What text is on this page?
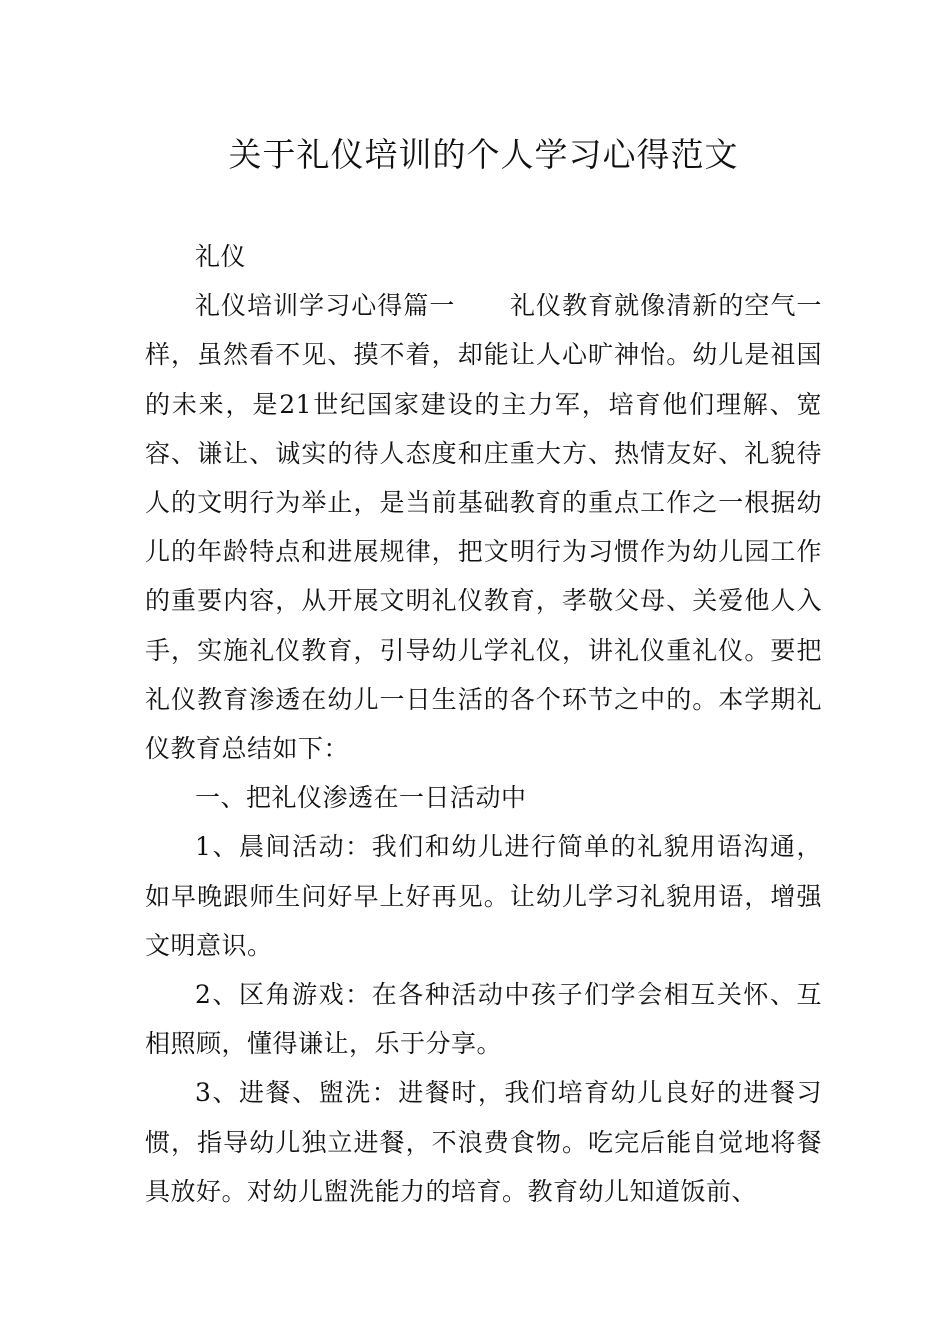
关于礼仪培训的个人学习心得范文

礼仪

礼仪培训学习心得篇一 礼仪教育就像清新的空气一样，虽然看不见、摸不着，却能让人心旷神怡。幼儿是祖国的未来，是21世纪国家建设的主力军，培育他们理解、宽容、谦让、诚实的待人态度和庄重大方、热情友好、礼貌待人的文明行为举止，是当前基础教育的重点工作之一根据幼儿的年龄特点和进展规律，把文明行为习惯作为幼儿园工作的重要内容，从开展文明礼仪教育，孝敬父母、关爱他人入手，实施礼仪教育，引导幼儿学礼仪，讲礼仪重礼仪。要把礼仪教育渗透在幼儿一日生活的各个环节之中的。本学期礼仪教育总结如下：

一、把礼仪渗透在一日活动中

1、晨间活动：我们和幼儿进行简单的礼貌用语沟通，如早晚跟师生问好早上好再见。让幼儿学习礼貌用语，增强文明意识。

2、区角游戏：在各种活动中孩子们学会相互关怀、互相照顾，懂得谦让，乐于分享。

3、进餐、盥洗：进餐时，我们培育幼儿良好的进餐习惯，指导幼儿独立进餐，不浪费食物。吃完后能自觉地将餐具放好。对幼儿盥洗能力的培育。教育幼儿知道饭前、
